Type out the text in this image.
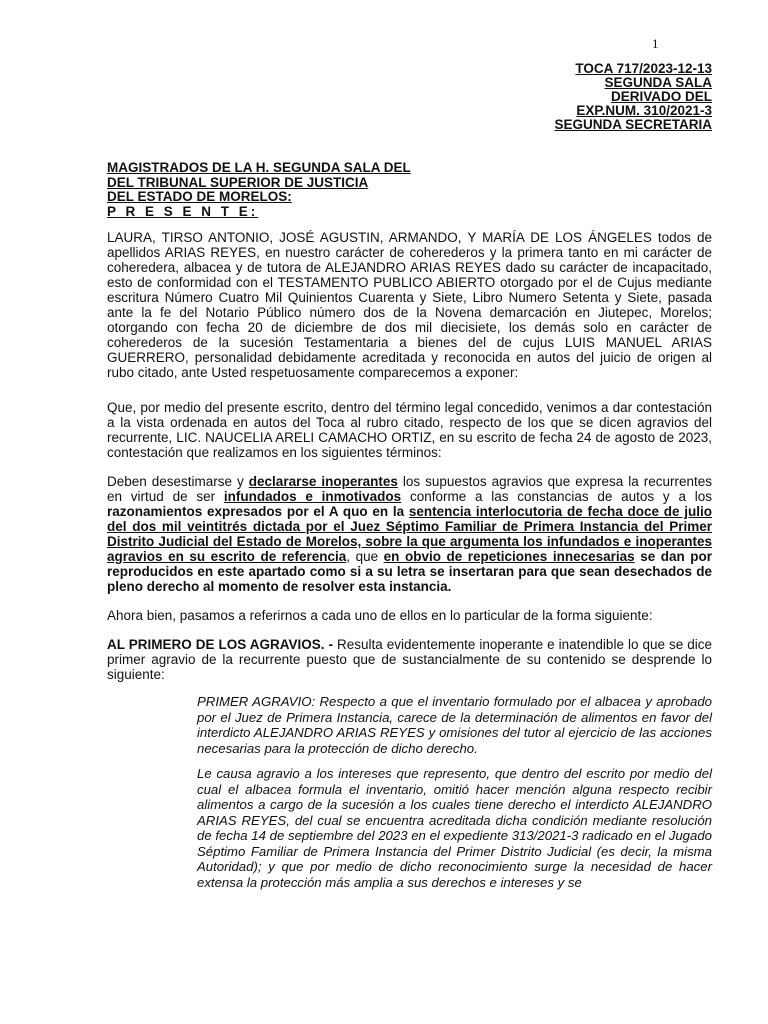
1
TOCA 717/2023-12-13
SEGUNDA SALA
DERIVADO DEL
EXP.NUM. 310/2021-3
SEGUNDA SECRETARIA
MAGISTRADOS DE LA H. SEGUNDA SALA DEL
DEL TRIBUNAL SUPERIOR DE JUSTICIA
DEL ESTADO DE MORELOS:
P R E S E N T E:

LAURA, TIRSO ANTONIO, JOSÉ AGUSTIN, ARMANDO, Y MARÍA DE LOS ÁNGELES todos de apellidos ARIAS REYES, en nuestro carácter de coherederos y la primera tanto en mi carácter de coheredera, albacea y de tutora de ALEJANDRO ARIAS REYES dado su carácter de incapacitado, esto de conformidad con el TESTAMENTO PUBLICO ABIERTO otorgado por el de Cujus mediante escritura Número Cuatro Mil Quinientos Cuarenta y Siete, Libro Numero Setenta y Siete, pasada ante la fe del Notario Público número dos de la Novena demarcación en Jiutepec, Morelos; otorgando con fecha 20 de diciembre de dos mil diecisiete, los demás solo en carácter de coherederos de la sucesión Testamentaria a bienes del de cujus LUIS MANUEL ARIAS GUERRERO, personalidad debidamente acreditada y reconocida en autos del juicio de origen al rubo citado, ante Usted respetuosamente comparecemos a exponer:

Que, por medio del presente escrito, dentro del término legal concedido, venimos a dar contestación a la vista ordenada en autos del Toca al rubro citado, respecto de los que se dicen agravios del recurrente, LIC. NAUCELIA ARELI CAMACHO ORTIZ, en su escrito de fecha 24 de agosto de 2023, contestación que realizamos en los siguientes términos:

Deben desestimarse y declararse inoperantes los supuestos agravios que expresa la recurrentes en virtud de ser infundados e inmotivados conforme a las constancias de autos y a los razonamientos expresados por el A quo en la sentencia interlocutoria de fecha doce de julio del dos mil veintitrés dictada por el Juez Séptimo Familiar de Primera Instancia del Primer Distrito Judicial del Estado de Morelos, sobre la que argumenta los infundados e inoperantes agravios en su escrito de referencia, que en obvio de repeticiones innecesarias se dan por reproducidos en este apartado como si a su letra se insertaran para que sean desechados de pleno derecho al momento de resolver esta instancia.

Ahora bien, pasamos a referirnos a cada uno de ellos en lo particular de la forma siguiente:

AL PRIMERO DE LOS AGRAVIOS. - Resulta evidentemente inoperante e inatendible lo que se dice primer agravio de la recurrente puesto que de sustancialmente de su contenido se desprende lo siguiente:

PRIMER AGRAVIO: Respecto a que el inventario formulado por el albacea y aprobado por el Juez de Primera Instancia, carece de la determinación de alimentos en favor del interdicto ALEJANDRO ARIAS REYES y omisiones del tutor al ejercicio de las acciones necesarias para la protección de dicho derecho.

Le causa agravio a los intereses que represento, que dentro del escrito por medio del cual el albacea formula el inventario, omitió hacer mención alguna respecto recibir alimentos a cargo de la sucesión a los cuales tiene derecho el interdicto ALEJANDRO ARIAS REYES, del cual se encuentra acreditada dicha condición mediante resolución de fecha 14 de septiembre del 2023 en el expediente 313/2021-3 radicado en el Jugado Séptimo Familiar de Primera Instancia del Primer Distrito Judicial (es decir, la misma Autoridad); y que por medio de dicho reconocimiento surge la necesidad de hacer extensa la protección más amplia a sus derechos e intereses y se
